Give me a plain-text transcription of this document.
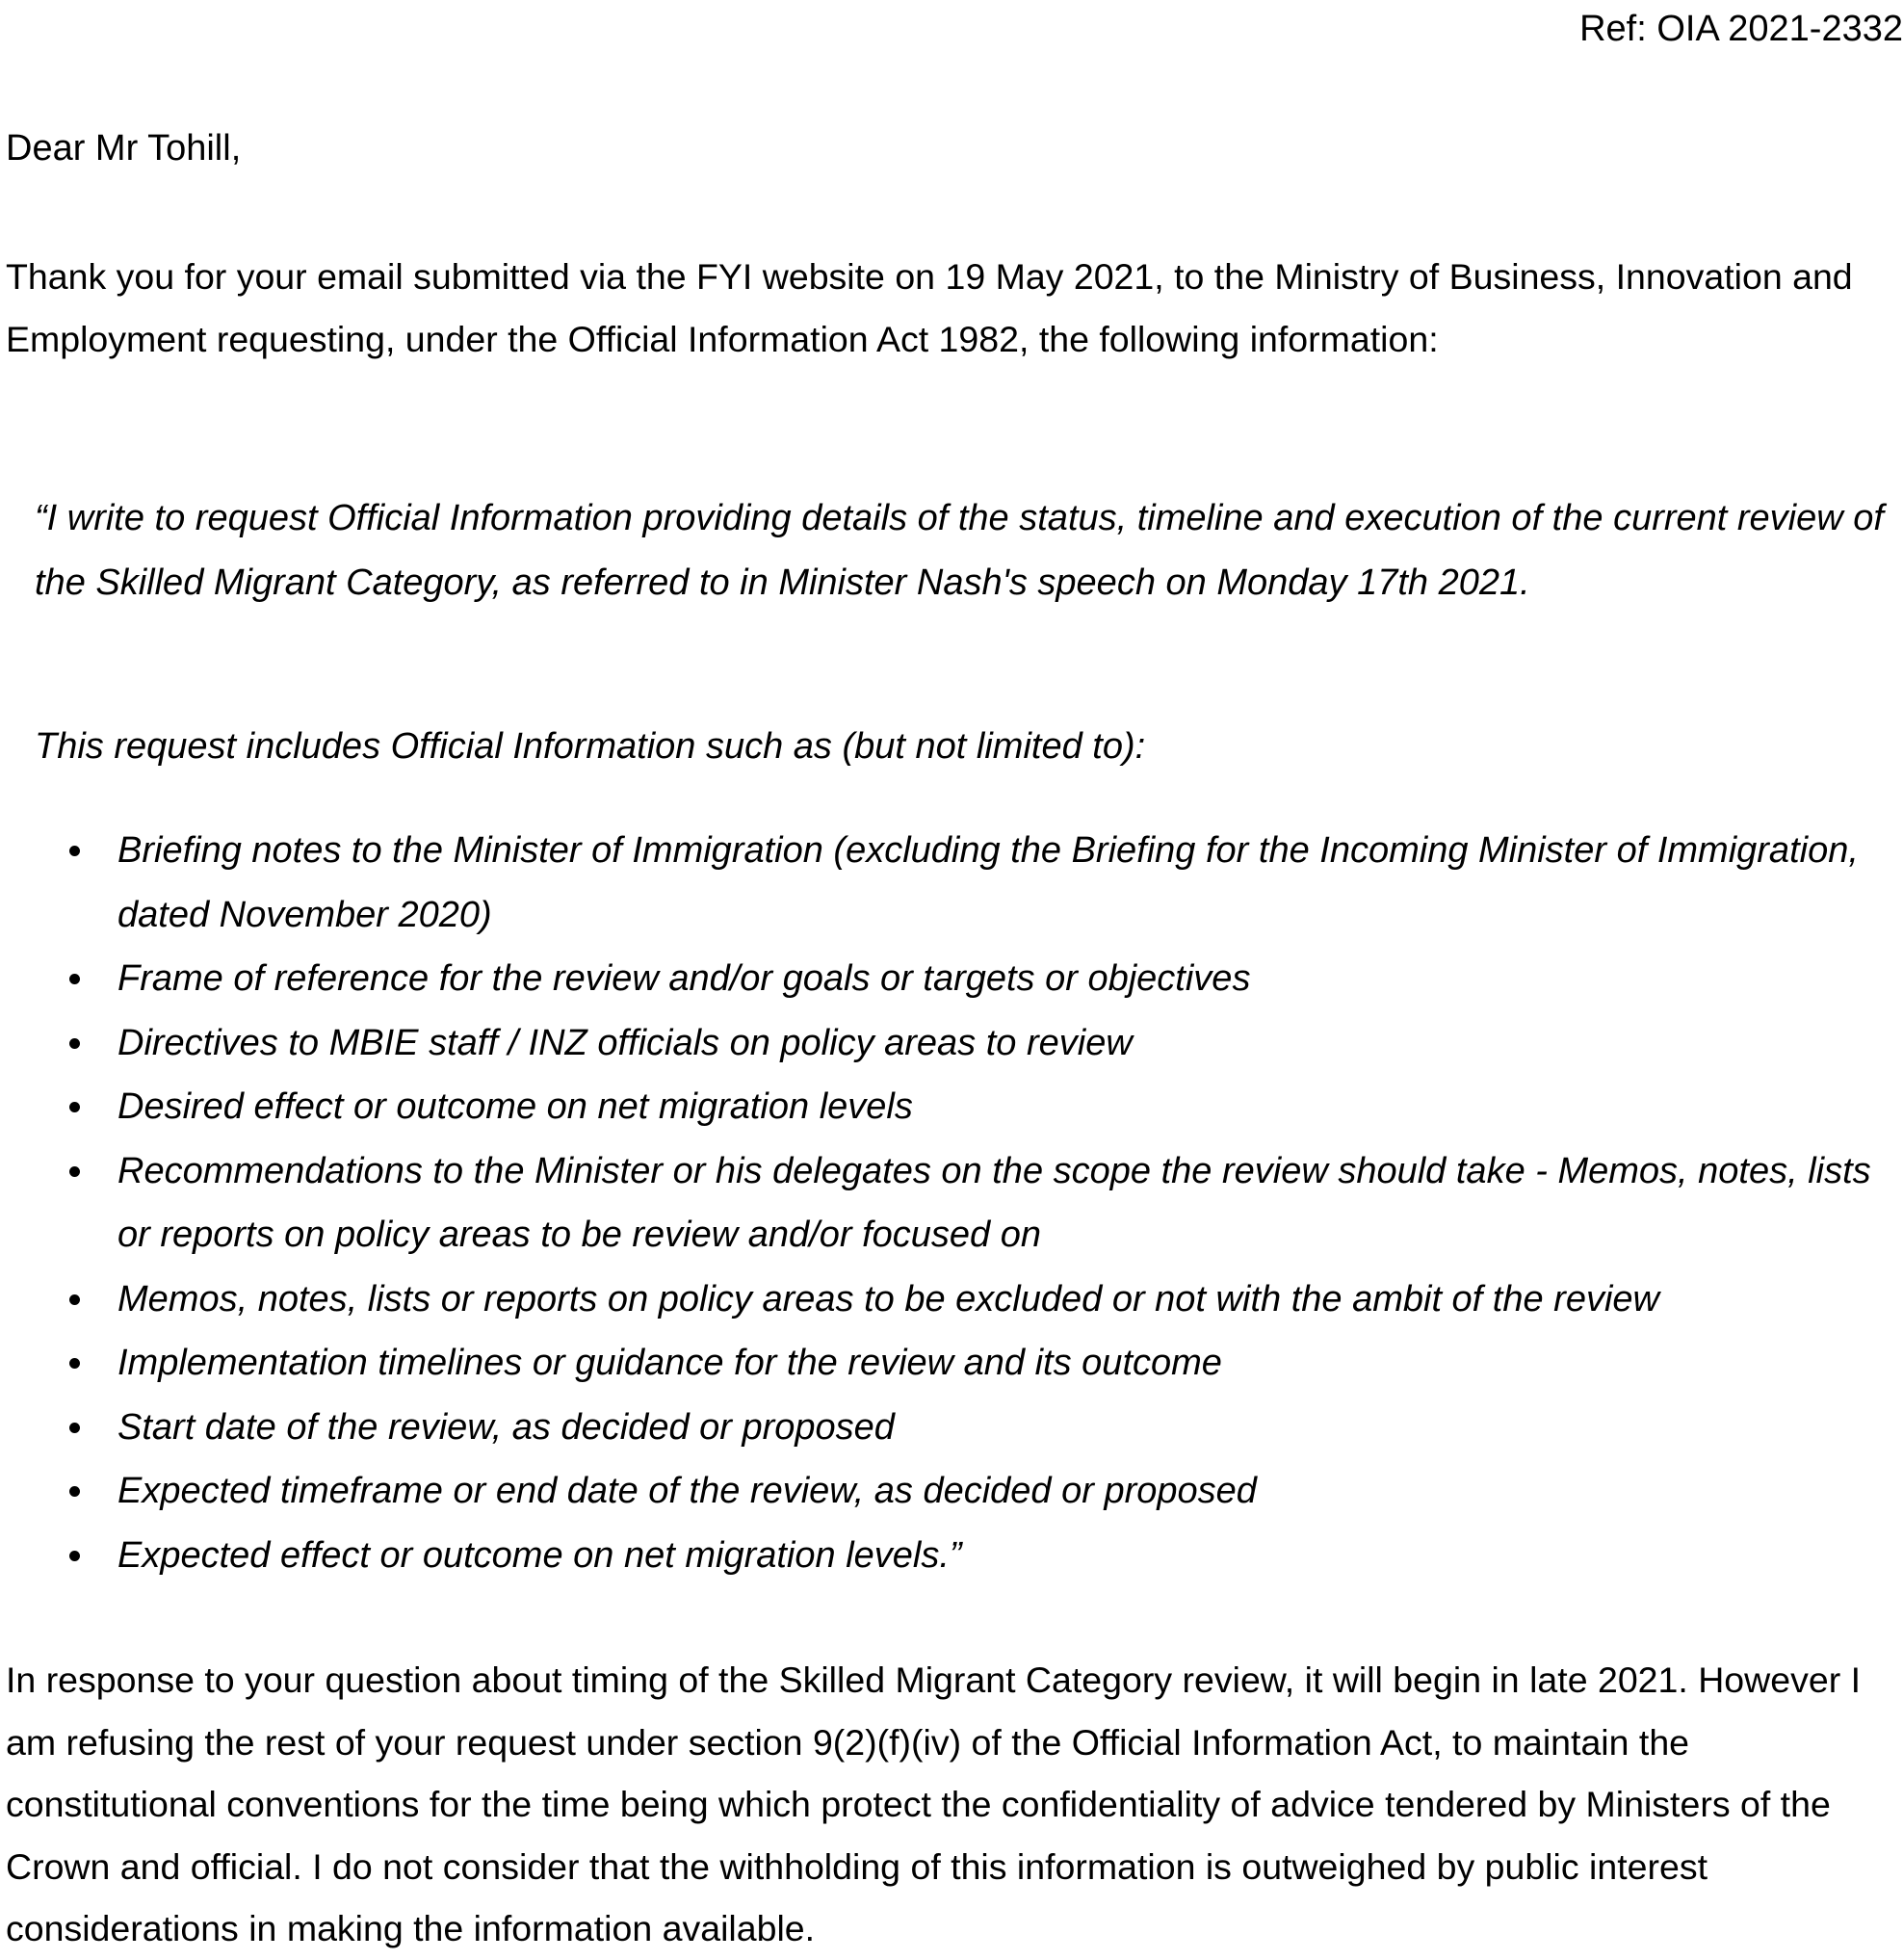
Ref: OIA 2021-2332
Dear Mr Tohill,

Thank you for your email submitted via the FYI website on 19 May 2021, to the Ministry of Business, Innovation and Employment requesting, under the Official Information Act 1982, the following information:

“I write to request Official Information providing details of the status, timeline and execution of the current review of the Skilled Migrant Category, as referred to in Minister Nash's speech on Monday 17th 2021.

This request includes Official Information such as (but not limited to):
Briefing notes to the Minister of Immigration (excluding the Briefing for the Incoming Minister of Immigration, dated November 2020)
Frame of reference for the review and/or goals or targets or objectives
Directives to MBIE staff / INZ officials on policy areas to review
Desired effect or outcome on net migration levels
Recommendations to the Minister or his delegates on the scope the review should take - Memos, notes, lists or reports on policy areas to be review and/or focused on
Memos, notes, lists or reports on policy areas to be excluded or not with the ambit of the review
Implementation timelines or guidance for the review and its outcome
Start date of the review, as decided or proposed
Expected timeframe or end date of the review, as decided or proposed
Expected effect or outcome on net migration levels.”

In response to your question about timing of the Skilled Migrant Category review, it will begin in late 2021. However I am refusing the rest of your request under section 9(2)(f)(iv) of the Official Information Act, to maintain the constitutional conventions for the time being which protect the confidentiality of advice tendered by Ministers of the Crown and official. I do not consider that the withholding of this information is outweighed by public interest considerations in making the information available.
